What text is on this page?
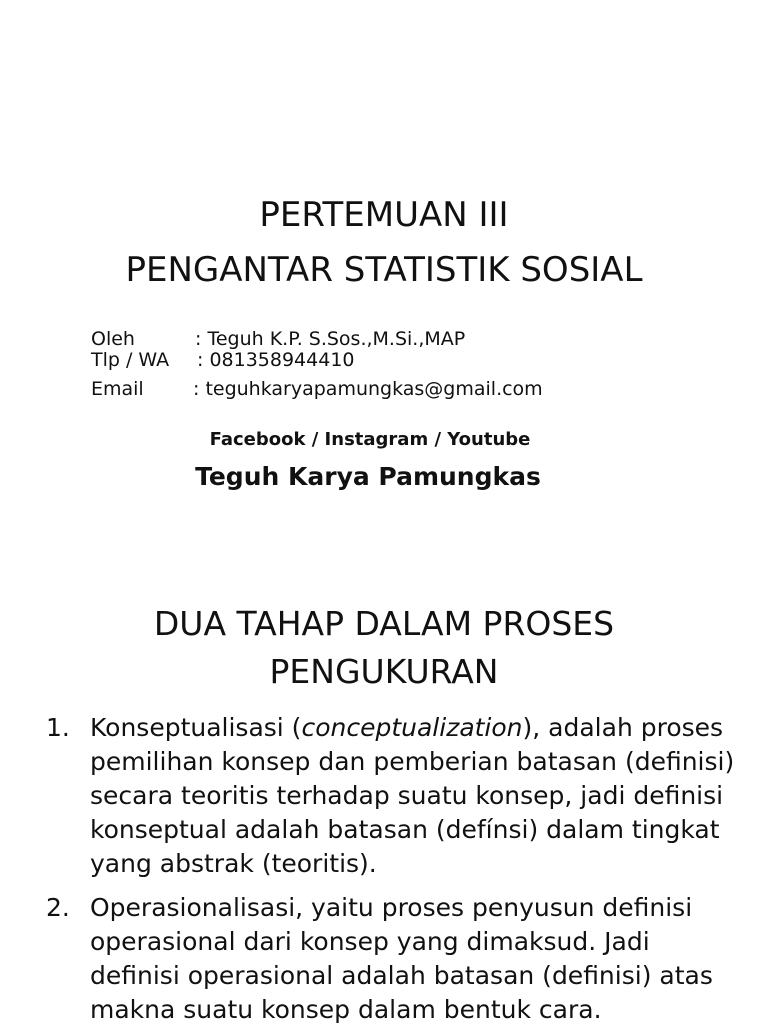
PERTEMUAN III
PENGANTAR STATISTIK SOSIAL
Oleh	: Teguh K.P. S.Sos.,M.Si.,MAP
Tlp / WA : 081358944410
Email	: teguhkaryapamungkas@gmail.com
Facebook / Instagram / Youtube
Teguh Karya Pamungkas
DUA TAHAP DALAM PROSES
PENGUKURAN
1. Konseptualisasi (conceptualization), adalah proses pemilihan konsep dan pemberian batasan (definisi) secara teoritis terhadap suatu konsep, jadi definisi konseptual adalah batasan (defínsi) dalam tingkat yang abstrak (teoritis).
2. Operasionalisasi, yaitu proses penyusun definisi operasional dari konsep yang dimaksud. Jadi definisi operasional adalah batasan (definisi) atas makna suatu konsep dalam bentuk cara.
